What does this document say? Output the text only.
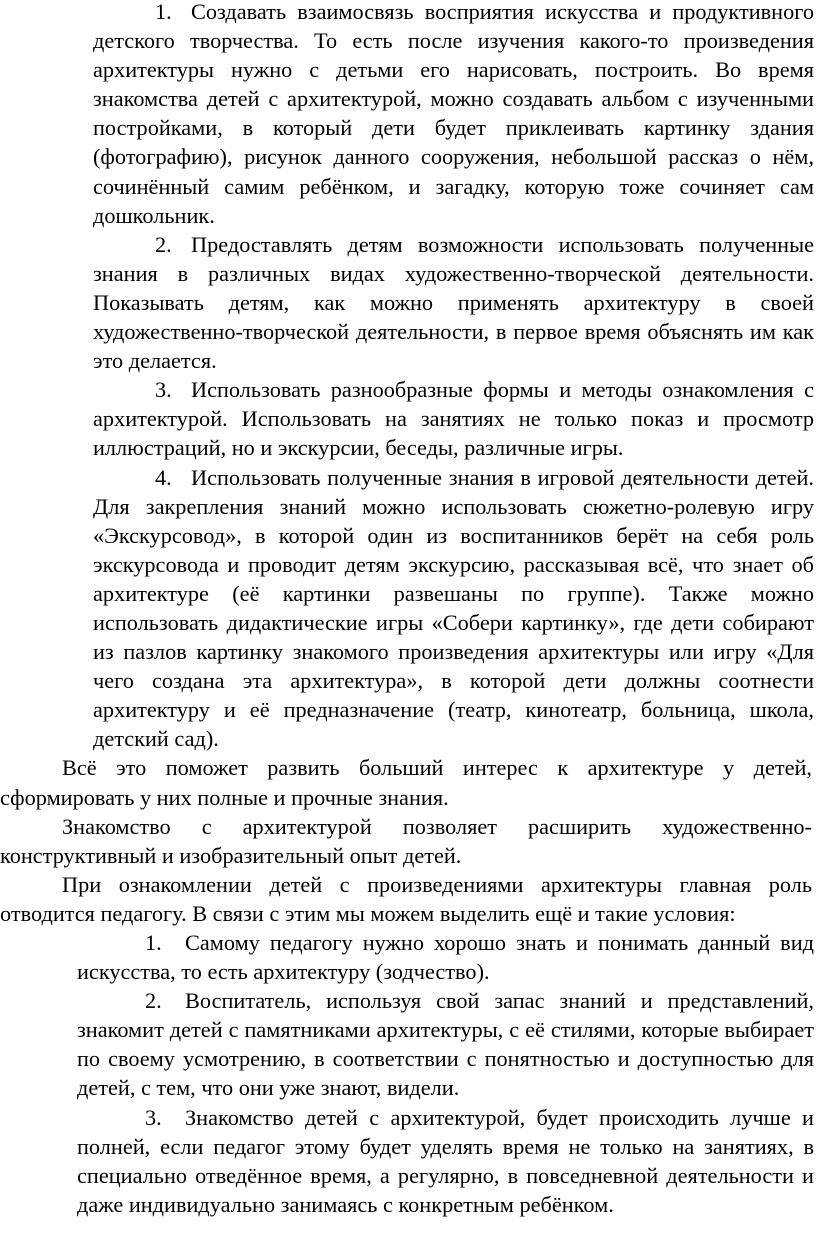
1. Создавать взаимосвязь восприятия искусства и продуктивного детского творчества. То есть после изучения какого-то произведения архитектуры нужно с детьми его нарисовать, построить. Во время знакомства детей с архитектурой, можно создавать альбом с изученными постройками, в который дети будет приклеивать картинку здания (фотографию), рисунок данного сооружения, небольшой рассказ о нём, сочинённый самим ребёнком, и загадку, которую тоже сочиняет сам дошкольник.

2. Предоставлять детям возможности использовать полученные знания в различных видах художественно-творческой деятельности. Показывать детям, как можно применять архитектуру в своей художественно-творческой деятельности, в первое время объяснять им как это делается.

3. Использовать разнообразные формы и методы ознакомления с архитектурой. Использовать на занятиях не только показ и просмотр иллюстраций, но и экскурсии, беседы, различные игры.

4. Использовать полученные знания в игровой деятельности детей. Для закрепления знаний можно использовать сюжетно-ролевую игру «Экскурсовод», в которой один из воспитанников берёт на себя роль экскурсовода и проводит детям экскурсию, рассказывая всё, что знает об архитектуре (её картинки развешаны по группе). Также можно использовать дидактические игры «Собери картинку», где дети собирают из пазлов картинку знакомого произведения архитектуры или игру «Для чего создана эта архитектура», в которой дети должны соотнести архитектуру и её предназначение (театр, кинотеатр, больница, школа, детский сад).

Всё это поможет развить больший интерес к архитектуре у детей, сформировать у них полные и прочные знания.

Знакомство с архитектурой позволяет расширить художественно-конструктивный и изобразительный опыт детей.

При ознакомлении детей с произведениями архитектуры главная роль отводится педагогу. В связи с этим мы можем выделить ещё и такие условия:

1. Самому педагогу нужно хорошо знать и понимать данный вид искусства, то есть архитектуру (зодчество).

2. Воспитатель, используя свой запас знаний и представлений, знакомит детей с памятниками архитектуры, с её стилями, которые выбирает по своему усмотрению, в соответствии с понятностью и доступностью для детей, с тем, что они уже знают, видели.

3. Знакомство детей с архитектурой, будет происходить лучше и полней, если педагог этому будет уделять время не только на занятиях, в специально отведённое время, а регулярно, в повседневной деятельности и даже индивидуально занимаясь с конкретным ребёнком.
